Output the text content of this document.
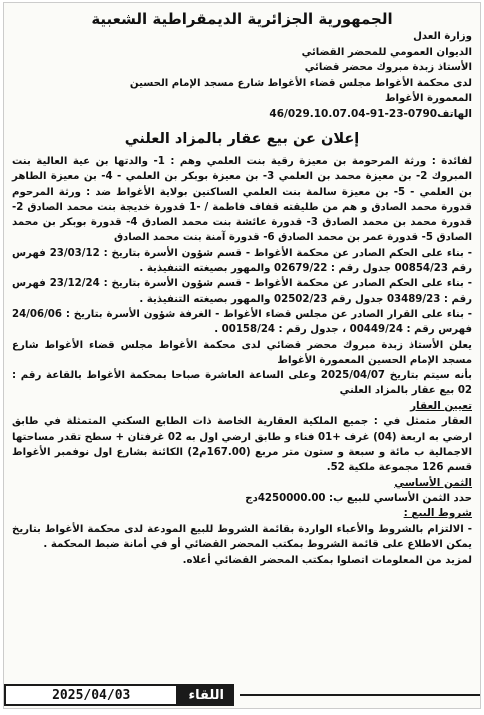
الجمهورية الجزائرية الديمقراطية الشعبية
وزارة العدل
الديوان العمومي للمحضر القضائي
الأستاذ زبدة مبروك محضر قضائي
لدى محكمة الأغواط مجلس قضاء الأغواط شارع مسجد الإمام الحسين
المعمورة الأغواط
الهاتف0790-23-91-46/029.10.07.04
إعلان عن بيع عقار بالمزاد العلني

لفائدة : ورثة المرحومة بن معيزة رقية بنت العلمي وهم : 1- والدتها بن عية العالية بنت المبروك 2- بن معيزة محمد بن العلمي 3- بن معيزة بوبكر بن العلمي - 4- بن معيزة الطاهر بن العلمي - 5- بن معيزة سالمة بنت العلمي الساكنين بولاية الأغواط ضد : ورثة المرحوم قدورة محمد الصادق و هم من طليقته قفاف فاطمة / -1 قدورة خديجة بنت محمد الصادق 2- قدورة محمد بن محمد الصادق 3- قدورة عائشة بنت محمد الصادق 4- قدورة بوبكر بن محمد الصادق 5- قدورة عمر بن محمد الصادق 6- قدورة آمنة بنت محمد الصادق

- بناء على الحكم الصادر عن محكمة الأغواط - قسم شؤون الأسرة بتاريخ : 23/03/12 فهرس رقم 00854/23 جدول رقم : 02679/22 والمهور بصيغته التنفيذية .

- بناء على الحكم الصادر عن محكمة الأغواط - قسم شؤون الأسرة بتاريخ : 23/12/24 فهرس رقم : 03489/23 جدول رقم 02502/23 والمهور بصيغته التنفيذية .

- بناء على القرار الصادر عن مجلس قضاء الأغواط - الغرفة شؤون الأسرة بتاريخ : 24/06/06 فهرس رقم : 00449/24 ، جدول رقم : 00158/24 .

يعلن الأستاذ زبدة مبروك محضر قضائي لدى محكمة الأغواط مجلس قضاء الأغواط شارع مسجد الإمام الحسين المعمورة الأغواط

بأنه سيتم بتاريخ 2025/04/07 وعلى الساعة العاشرة صباحا بمحكمة الأغواط بالقاعة رقم : 02 بيع عقار بالمزاد العلني

تعيين العقار

العقار متمثل في : جميع الملكية العقارية الخاصة ذات الطابع السكني المتمثلة في طابق ارضي به اربعة (04) غرف +01 فناء و طابق ارضي اول به 02 غرفتان + سطح تقدر مساحتها الاجمالية ب مائة و سبعة و ستون متر مربع (167.00م2) الكائنة بشارع اول نوفمبر الأغواط قسم 126 مجموعة ملكية 52.

الثمن الأساسي

حدد الثمن الأساسي للبيع ب: 4250000.00دج

شروط البيع :

- الالتزام بالشروط والأعباء الواردة بقائمة الشروط للبيع المودعة لدى محكمة الأغواط بتاريخ يمكن الاطلاع على قائمة الشروط بمكتب المحضر القضائي أو في أمانة ضبط المحكمة .

لمزيد من المعلومات اتصلوا بمكتب المحضر القضائي أعلاه.

2025/04/03	اللقاء
